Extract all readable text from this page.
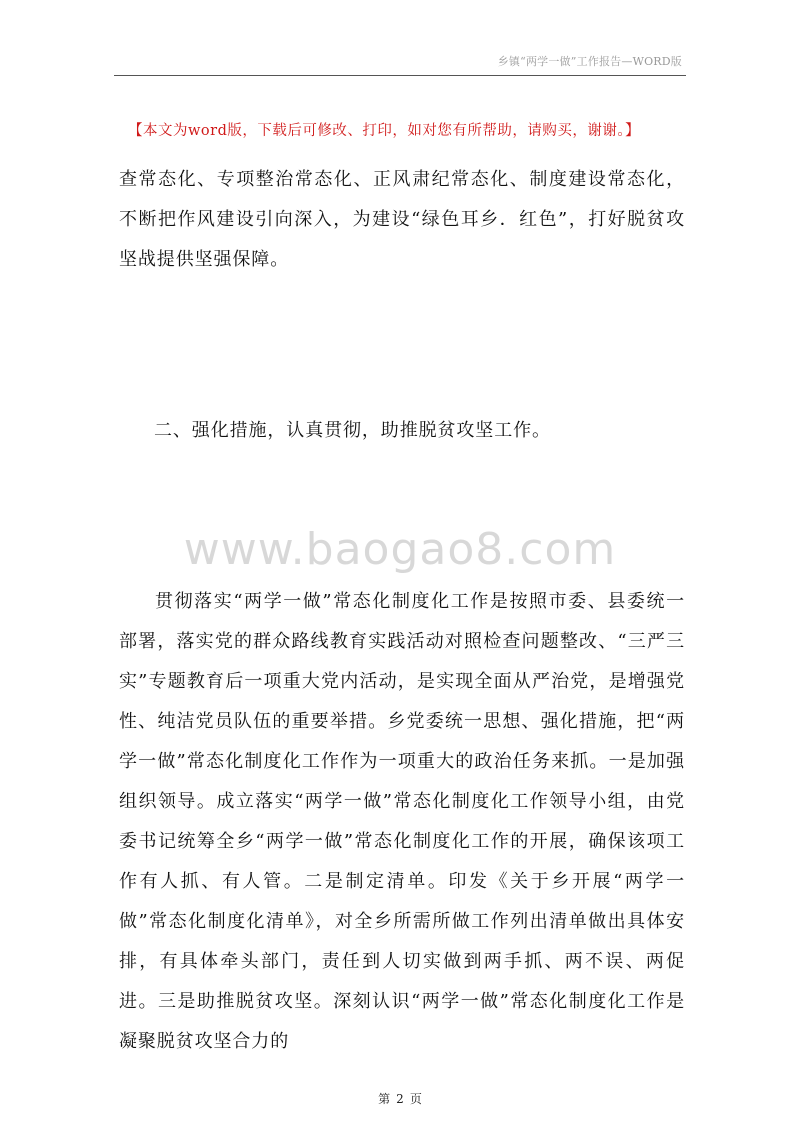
乡镇“两学一做”工作报告—WORD版
【本文为word版，下载后可修改、打印，如对您有所帮助，请购买，谢谢。】

查常态化、专项整治常态化、正风肃纪常态化、制度建设常态化，不断把作风建设引向深入，为建设“绿色耳乡．红色”，打好脱贫攻坚战提供坚强保障。

二、强化措施，认真贯彻，助推脱贫攻坚工作。

www.baogao8.com

贯彻落实“两学一做”常态化制度化工作是按照市委、县委统一部署，落实党的群众路线教育实践活动对照检查问题整改、“三严三实”专题教育后一项重大党内活动，是实现全面从严治党，是增强党性、纯洁党员队伍的重要举措。乡党委统一思想、强化措施，把“两学一做”常态化制度化工作作为一项重大的政治任务来抓。一是加强组织领导。成立落实“两学一做”常态化制度化工作领导小组，由党委书记统筹全乡“两学一做”常态化制度化工作的开展，确保该项工作有人抓、有人管。二是制定清单。印发《关于乡开展“两学一做”常态化制度化清单》，对全乡所需所做工作列出清单做出具体安排，有具体牵头部门，责任到人切实做到两手抓、两不误、两促进。三是助推脱贫攻坚。深刻认识“两学一做”常态化制度化工作是凝聚脱贫攻坚合力的

第 2 页
